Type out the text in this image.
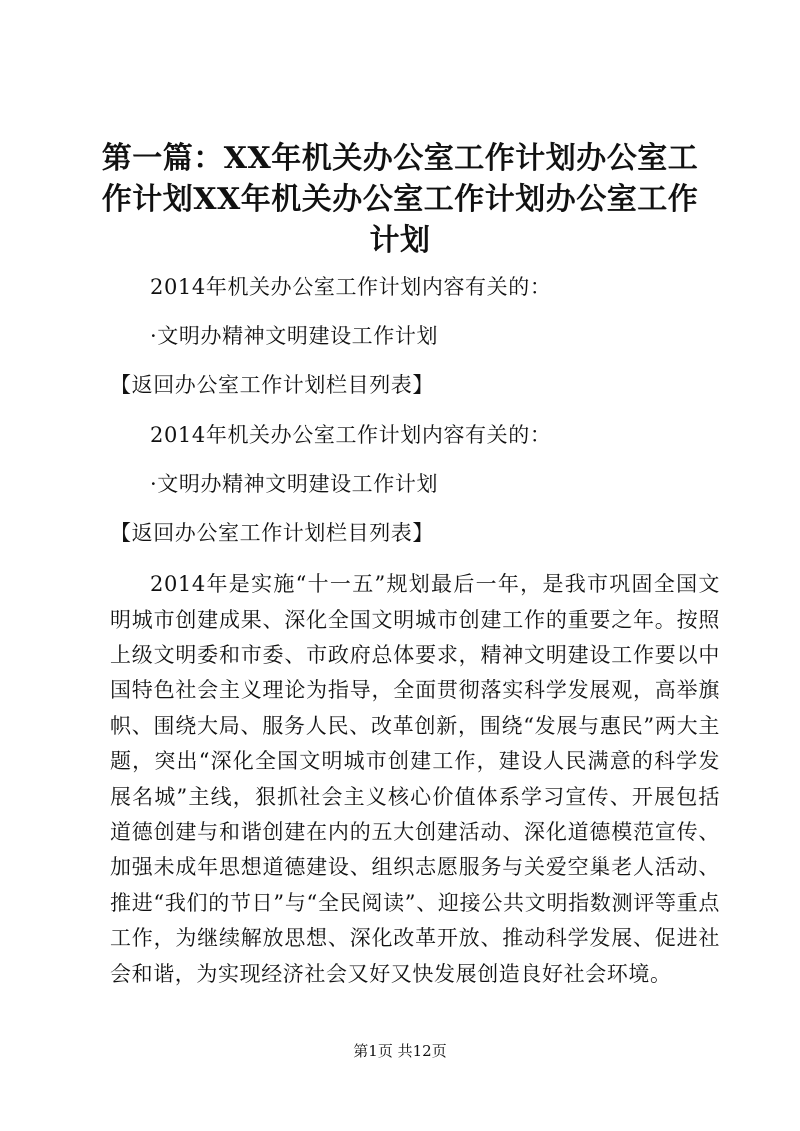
第一篇：XX年机关办公室工作计划办公室工
作计划XX年机关办公室工作计划办公室工作
计划
2014年机关办公室工作计划内容有关的：
·文明办精神文明建设工作计划
【返回办公室工作计划栏目列表】
2014年机关办公室工作计划内容有关的：
·文明办精神文明建设工作计划
【返回办公室工作计划栏目列表】

2014年是实施“十一五”规划最后一年，是我市巩固全国文明城市创建成果、深化全国文明城市创建工作的重要之年。按照上级文明委和市委、市政府总体要求，精神文明建设工作要以中国特色社会主义理论为指导，全面贯彻落实科学发展观，高举旗帜、围绕大局、服务人民、改革创新，围绕“发展与惠民”两大主题，突出“深化全国文明城市创建工作，建设人民满意的科学发展名城”主线，狠抓社会主义核心价值体系学习宣传、开展包括道德创建与和谐创建在内的五大创建活动、深化道德模范宣传、加强未成年思想道德建设、组织志愿服务与关爱空巢老人活动、推进“我们的节日”与“全民阅读”、迎接公共文明指数测评等重点工作，为继续解放思想、深化改革开放、推动科学发展、促进社会和谐，为实现经济社会又好又快发展创造良好社会环境。

第1页 共12页
